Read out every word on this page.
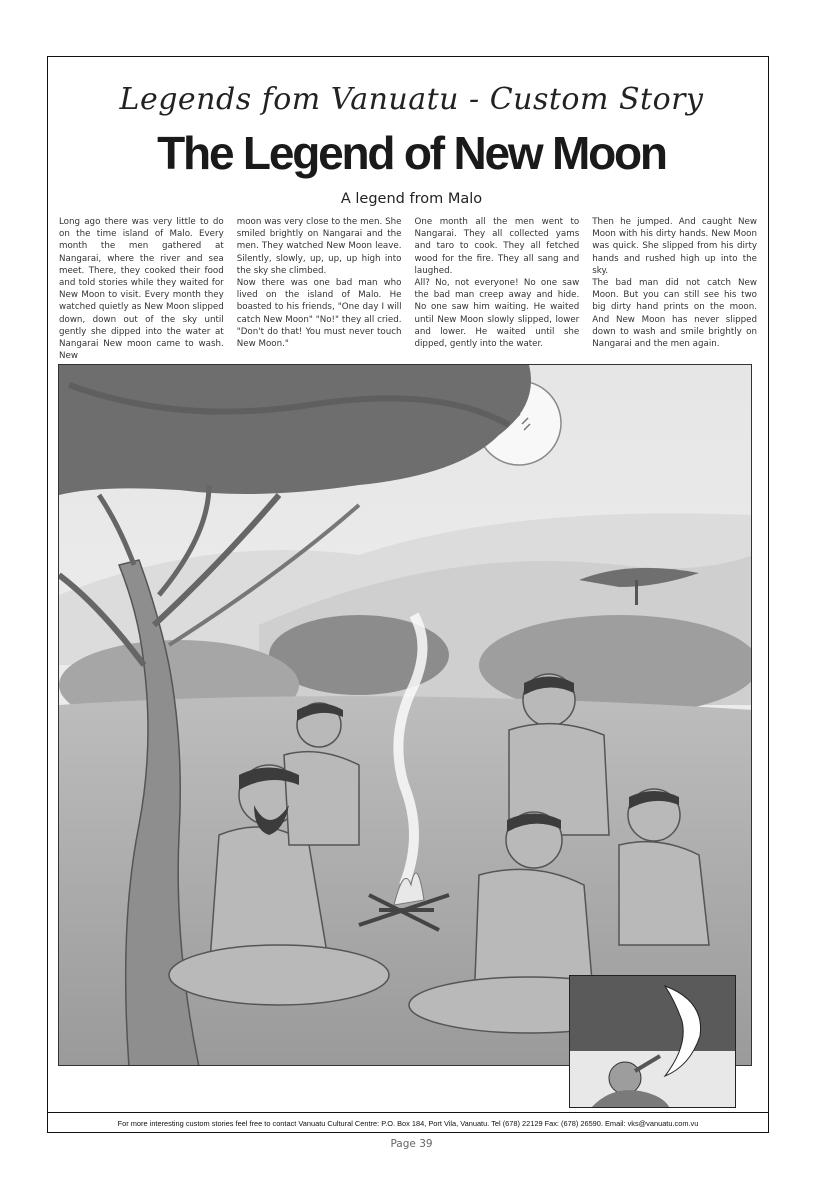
Legends fom Vanuatu - Custom Story
The Legend of New Moon
A legend from Malo

Long ago there was very little to do on the time island of Malo. Every month the men gathered at Nangarai, where the river and sea meet. There, they cooked their food and told stories while they waited for New Moon to visit. Every month they watched quietly as New Moon slipped down, down out of the sky until gently she dipped into the water at Nangarai New moon came to wash. New

moon was very close to the men. She smiled brightly on Nangarai and the men. They watched New Moon leave. Silently, slowly, up, up, up high into the sky she climbed.

Now there was one bad man who lived on the island of Malo. He boasted to his friends, "One day I will catch New Moon" "No!" they all cried. "Don't do that! You must never touch New Moon."

One month all the men went to Nangarai. They all collected yams and taro to cook. They all fetched wood for the fire. They all sang and laughed.

All? No, not everyone! No one saw the bad man creep away and hide. No one saw him waiting. He waited until New Moon slowly slipped, lower and lower. He waited until she dipped, gently into the water.

Then he jumped. And caught New Moon with his dirty hands. New Moon was quick. She slipped from his dirty hands and rushed high up into the sky.

The bad man did not catch New Moon. But you can still see his two big dirty hand prints on the moon. And New Moon has never slipped down to wash and smile brightly on Nangarai and the men again.

For more interesting custom stories feel free to contact Vanuatu Cultural Centre: P.O. Box 184, Port Vila, Vanuatu. Tel (678) 22129 Fax: (678) 26590. Email: vks@vanuatu.com.vu
Page 39
